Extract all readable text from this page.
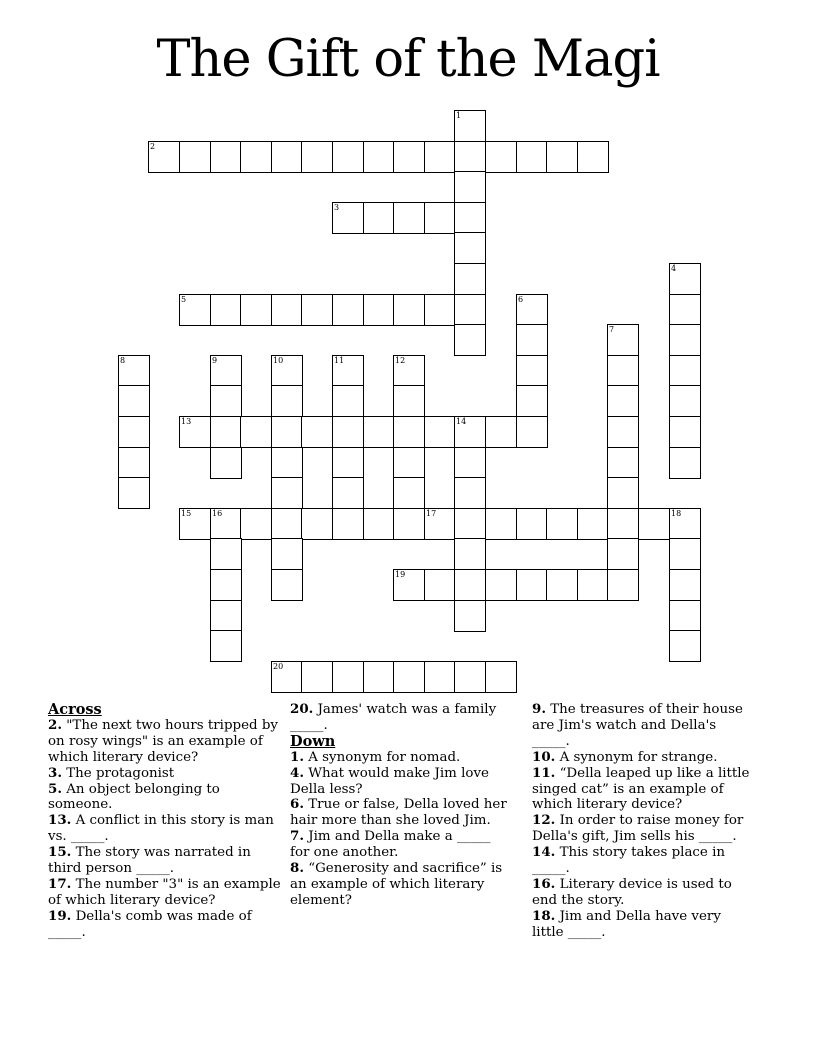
The Gift of the Magi
2
3
5
13	14
15	16	17	18
19
20
1
4
6
7
8	9	10	11	12
Across
2. "The next two hours tripped by on rosy wings" is an example of which literary device?
3. The protagonist
5. An object belonging to someone.
13. A conflict in this story is man vs. _____.
15. The story was narrated in third person _____.
17. The number "3" is an example of which literary device?
19. Della's comb was made of _____.
20. James' watch was a family _____.
Down
1. A synonym for nomad.
4. What would make Jim love Della less?
6. True or false, Della loved her hair more than she loved Jim.
7. Jim and Della make a _____ for one another.
8. “Generosity and sacrifice” is an example of which literary element?
9. The treasures of their house are Jim's watch and Della's _____.
10. A synonym for strange.
11. “Della leaped up like a little singed cat” is an example of which literary device?
12. In order to raise money for Della's gift, Jim sells his _____.
14. This story takes place in _____.
16. Literary device is used to end the story.
18. Jim and Della have very little _____.
